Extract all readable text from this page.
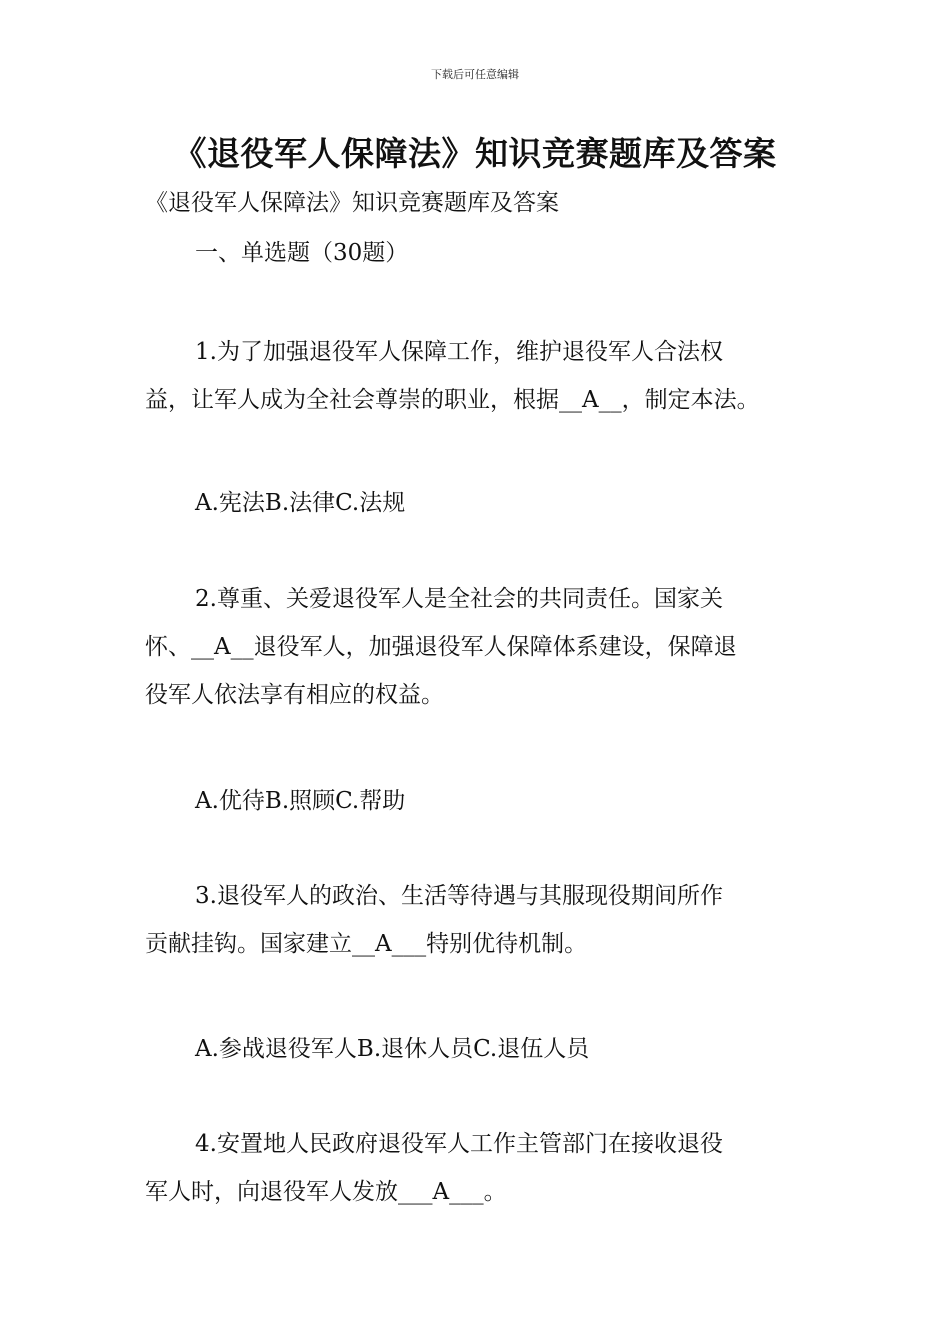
下载后可任意编辑
《退役军人保障法》知识竞赛题库及答案
《退役军人保障法》知识竞赛题库及答案
一、单选题（30题）
1.为了加强退役军人保障工作，维护退役军人合法权
益，让军人成为全社会尊崇的职业，根据__A__，制定本法。
A.宪法B.法律C.法规
2.尊重、关爱退役军人是全社会的共同责任。国家关
怀、__A__退役军人，加强退役军人保障体系建设，保障退
役军人依法享有相应的权益。
A.优待B.照顾C.帮助
3.退役军人的政治、生活等待遇与其服现役期间所作
贡献挂钩。国家建立__A___特别优待机制。
A.参战退役军人B.退休人员C.退伍人员
4.安置地人民政府退役军人工作主管部门在接收退役
军人时，向退役军人发放___A___。
